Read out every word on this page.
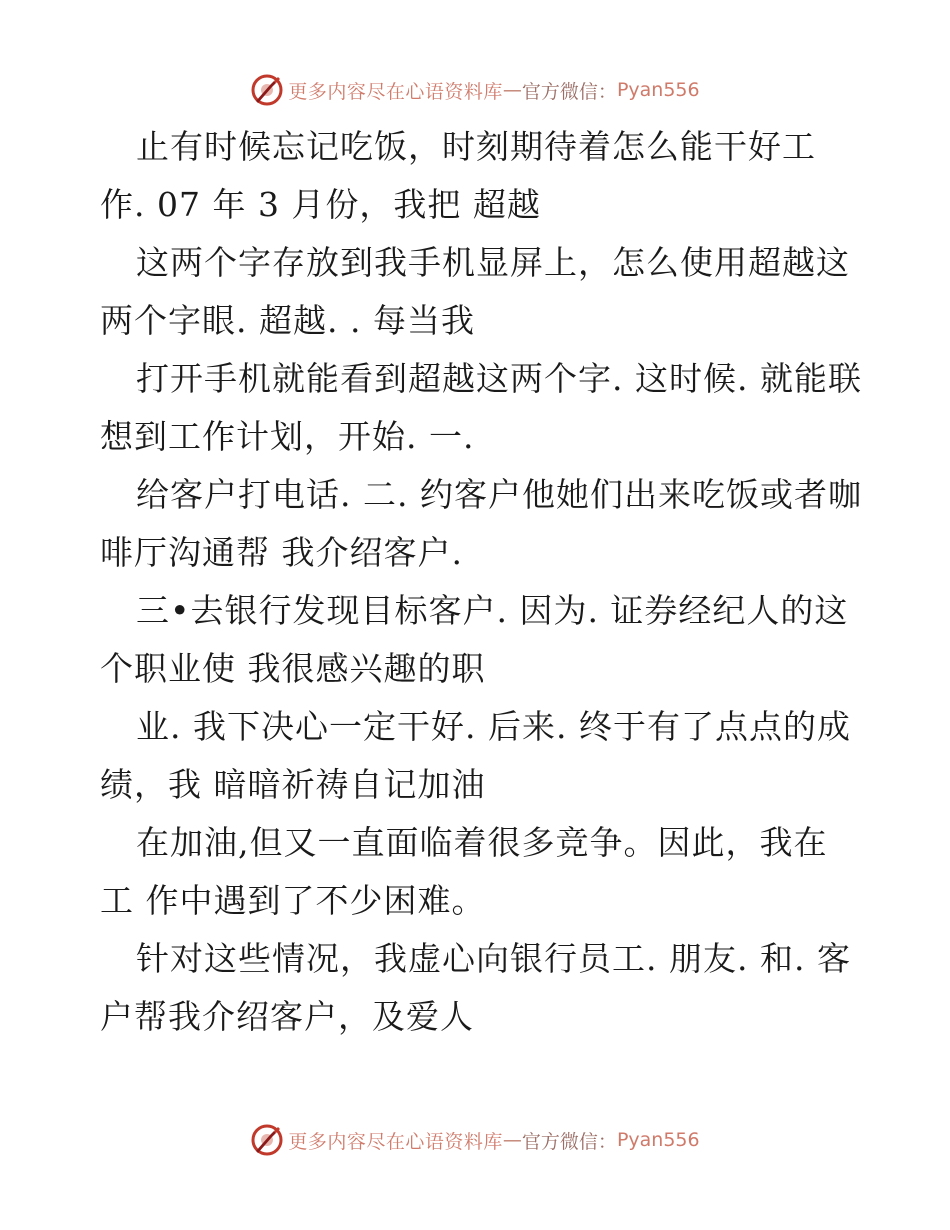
更多内容尽在心语资料库 — 官方微信： Pyan556

止有时候忘记吃饭，时刻期待着怎么能干好工
作. 07 年 3 月份，我把 超越

这两个字存放到我手机显屏上，怎么使用超越这
两个字眼. 超越. . 每当我

打开手机就能看到超越这两个字. 这时候. 就能联
想到工作计划，开始. 一.

给客户打电话. 二. 约客户他她们出来吃饭或者咖
啡厅沟通帮 我介绍客户.

三•去银行发现目标客户. 因为. 证券经纪人的这
个职业使 我很感兴趣的职

业. 我下决心一定干好. 后来. 终于有了点点的成
绩，我 暗暗祈祷自记加油

在加油,但又一直面临着很多竞争。因此，我在
工 作中遇到了不少困难。

针对这些情况，我虚心向银行员工. 朋友. 和. 客
户帮我介绍客户，及爱人

更多内容尽在心语资料库 — 官方微信： Pyan556
